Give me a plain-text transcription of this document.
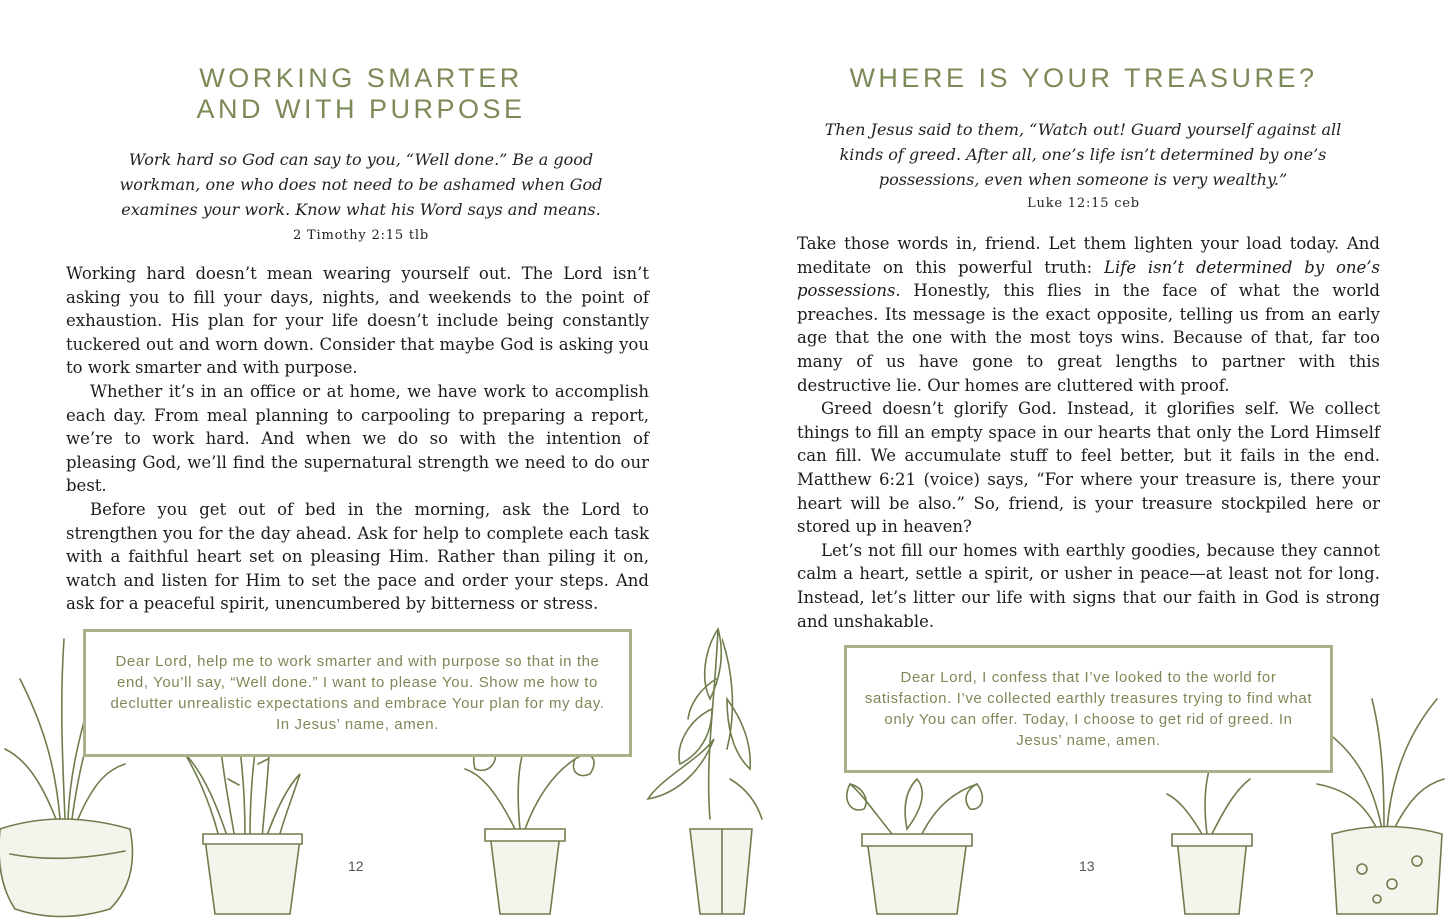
WORKING SMARTER
AND WITH PURPOSE

Work hard so God can say to you, “Well done.” Be a good workman, one who does not need to be ashamed when God examines your work. Know what his Word says and means.

2 Timothy 2:15 tlb

Working hard doesn’t mean wearing yourself out. The Lord isn’t asking you to fill your days, nights, and weekends to the point of exhaustion. His plan for your life doesn’t include being constantly tuckered out and worn down. Consider that maybe God is asking you to work smarter and with purpose.

Whether it’s in an office or at home, we have work to accomplish each day. From meal planning to carpooling to preparing a report, we’re to work hard. And when we do so with the intention of pleasing God, we’ll find the supernatural strength we need to do our best.

Before you get out of bed in the morning, ask the Lord to strengthen you for the day ahead. Ask for help to complete each task with a faithful heart set on pleasing Him. Rather than piling it on, watch and listen for Him to set the pace and order your steps. And ask for a peaceful spirit, unencumbered by bitterness or stress.

Dear Lord, help me to work smarter and with purpose so that in the end, You’ll say, “Well done.” I want to please You. Show me how to declutter unrealistic expectations and embrace Your plan for my day. In Jesus’ name, amen.
12
WHERE IS YOUR TREASURE?

Then Jesus said to them, “Watch out! Guard yourself against all kinds of greed. After all, one’s life isn’t determined by one’s possessions, even when someone is very wealthy.”

Luke 12:15 ceb

Take those words in, friend. Let them lighten your load today. And meditate on this powerful truth: Life isn’t determined by one’s possessions. Honestly, this flies in the face of what the world preaches. Its message is the exact opposite, telling us from an early age that the one with the most toys wins. Because of that, far too many of us have gone to great lengths to partner with this destructive lie. Our homes are cluttered with proof.

Greed doesn’t glorify God. Instead, it glorifies self. We collect things to fill an empty space in our hearts that only the Lord Himself can fill. We accumulate stuff to feel better, but it fails in the end. Matthew 6:21 (voice) says, “For where your treasure is, there your heart will be also.” So, friend, is your treasure stockpiled here or stored up in heaven?

Let’s not fill our homes with earthly goodies, because they cannot calm a heart, settle a spirit, or usher in peace—at least not for long. Instead, let’s litter our life with signs that our faith in God is strong and unshakable.

Dear Lord, I confess that I’ve looked to the world for satisfaction. I’ve collected earthly treasures trying to find what only You can offer. Today, I choose to get rid of greed. In Jesus’ name, amen.
13
